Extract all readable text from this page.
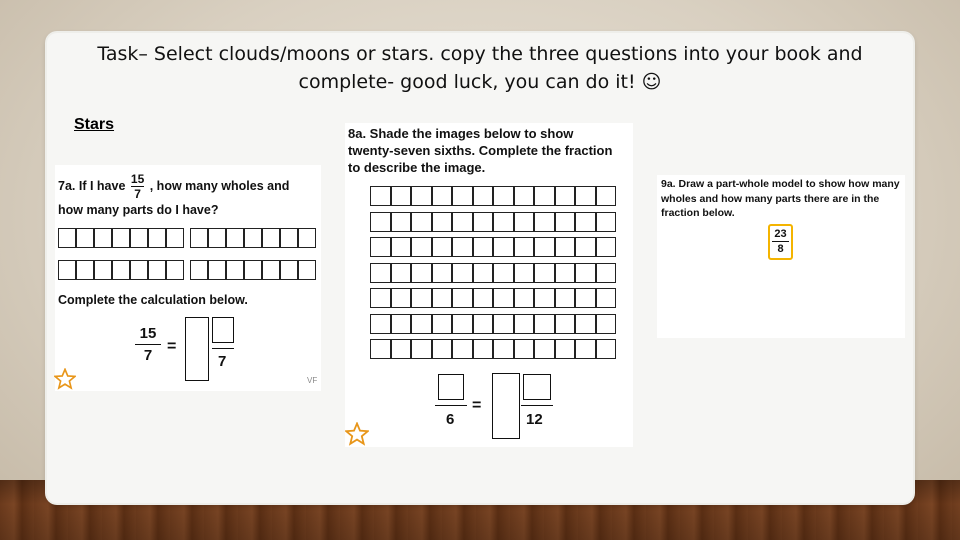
Task– Select clouds/moons or stars. copy the three questions into your book and complete- good luck, you can do it! ☺
Stars
7a. If I have $\frac{15}{7}$ , how many wholes and
how many parts do I have?
Complete the calculation below.
15
7
=
7
VF
8a. Shade the images below to show twenty-seven sixths. Complete the fraction to describe the image.
6
=
12
9a. Draw a part-whole model to show how many wholes and how many parts there are in the fraction below.
23
8
